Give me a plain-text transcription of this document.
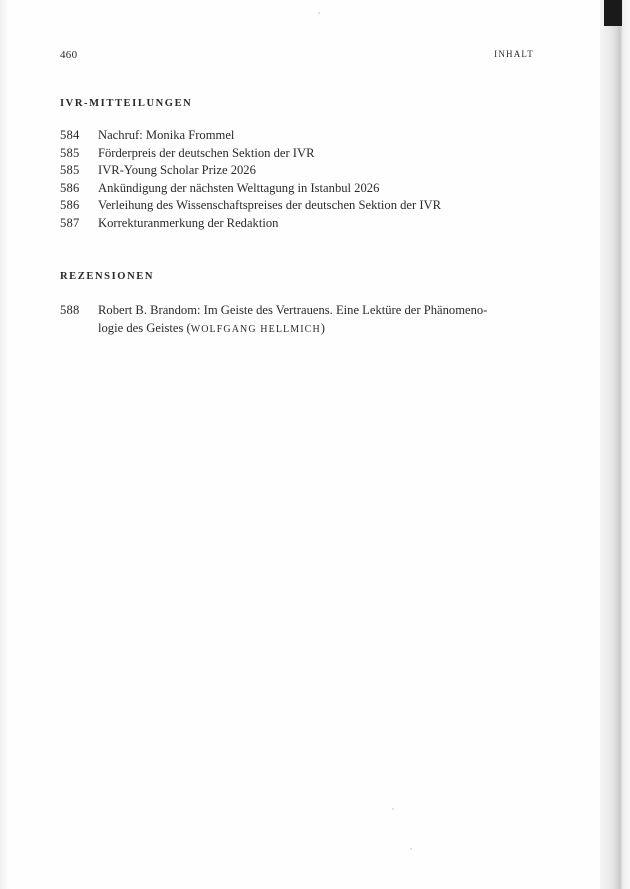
460	INHALT
IVR-MITTEILUNGEN
584	Nachruf: Monika Frommel
585	Förderpreis der deutschen Sektion der IVR
585	IVR-Young Scholar Prize 2026
586	Ankündigung der nächsten Welttagung in Istanbul 2026
586	Verleihung des Wissenschaftspreises der deutschen Sektion der IVR
587	Korrekturanmerkung der Redaktion
REZENSIONEN
588	Robert B. Brandom: Im Geiste des Vertrauens. Eine Lektüre der Phänomeno-
logie des Geistes (WOLFGANG HELLMICH)
